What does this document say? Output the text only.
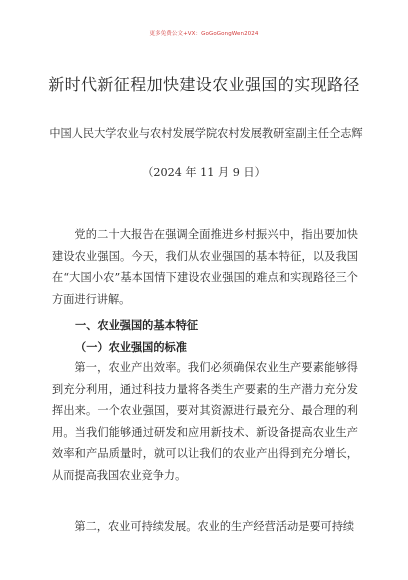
更多免费公文+VX：GoGoGongWen2024
新时代新征程加快建设农业强国的实现路径
中国人民大学农业与农村发展学院农村发展教研室副主任仝志辉
（2024 年 11 月 9 日）

党的二十大报告在强调全面推进乡村振兴中，指出要加快建设农业强国。今天，我们从农业强国的基本特征，以及我国在“大国小农”基本国情下建设农业强国的难点和实现路径三个方面进行讲解。

一、农业强国的基本特征
（一）农业强国的标准

第一，农业产出效率。我们必须确保农业生产要素能够得到充分利用，通过科技力量将各类生产要素的生产潜力充分发挥出来。一个农业强国，要对其资源进行最充分、最合理的利用。当我们能够通过研发和应用新技术、新设备提高农业生产效率和产品质量时，就可以让我们的农业产出得到充分增长，从而提高我国农业竞争力。

第二，农业可持续发展。农业的生产经营活动是要可持续
